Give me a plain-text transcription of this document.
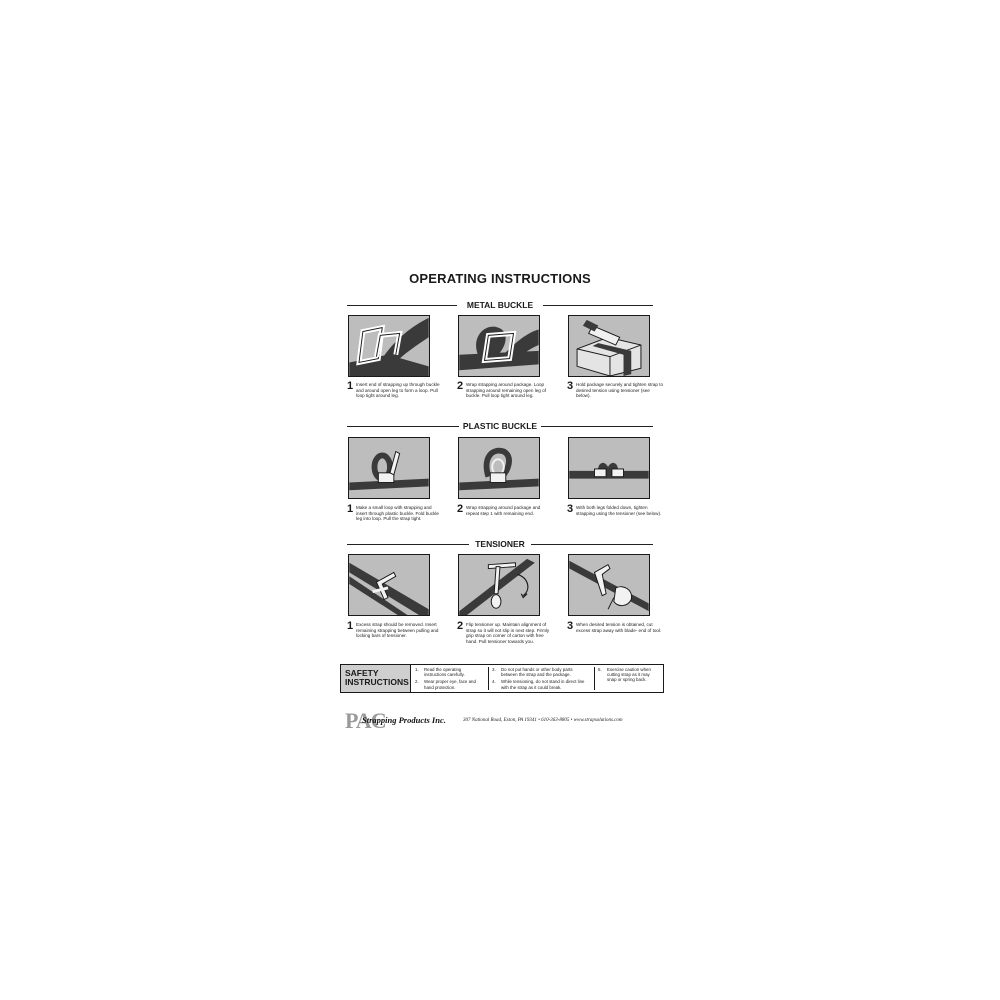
OPERATING INSTRUCTIONS
METAL BUCKLE
1 Insert end of strapping up through buckle and around open leg to form a loop. Pull loop tight around leg.
2 Wrap strapping around package. Loop strapping around remaining open leg of buckle. Pull loop tight around leg.
3 Hold package securely and tighten strap to desired tension using tensioner (see below).
PLASTIC BUCKLE
1 Make a small loop with strapping and insert through plastic buckle. Fold buckle leg into loop. Pull the strap tight.
2 Wrap strapping around package and repeat step 1 with remaining end.	3 With both legs folded down, tighten strapping using the tensioner (see below).
TENSIONER
1 Excess strap should be removed. Insert remaining strapping between pulling and locking bars of tensioner.
2 Flip tensioner up. Maintain alignment of strap so it will not slip in next step. Firmly grip strap on corner of carton with free hand. Pull tensioner towards you.
3 When desired tension is obtained, cut excess strap away with blade- end of tool.
SAFETY
INSTRUCTIONS
1.	Read the operating instructions carefully.
2.	Wear proper eye, face and hand protection.
3.	Do not put hands or other body parts between the strap and the package.
4.	While tensioning, do not stand in direct line with the strap as it could break.
5.	Exercise caution when cutting strap as it may snap or spring back.
PAC
Strapping Products Inc.	307 National Road, Exton, PA 19341 • 610-363-8805 • www.strapsolutions.com
